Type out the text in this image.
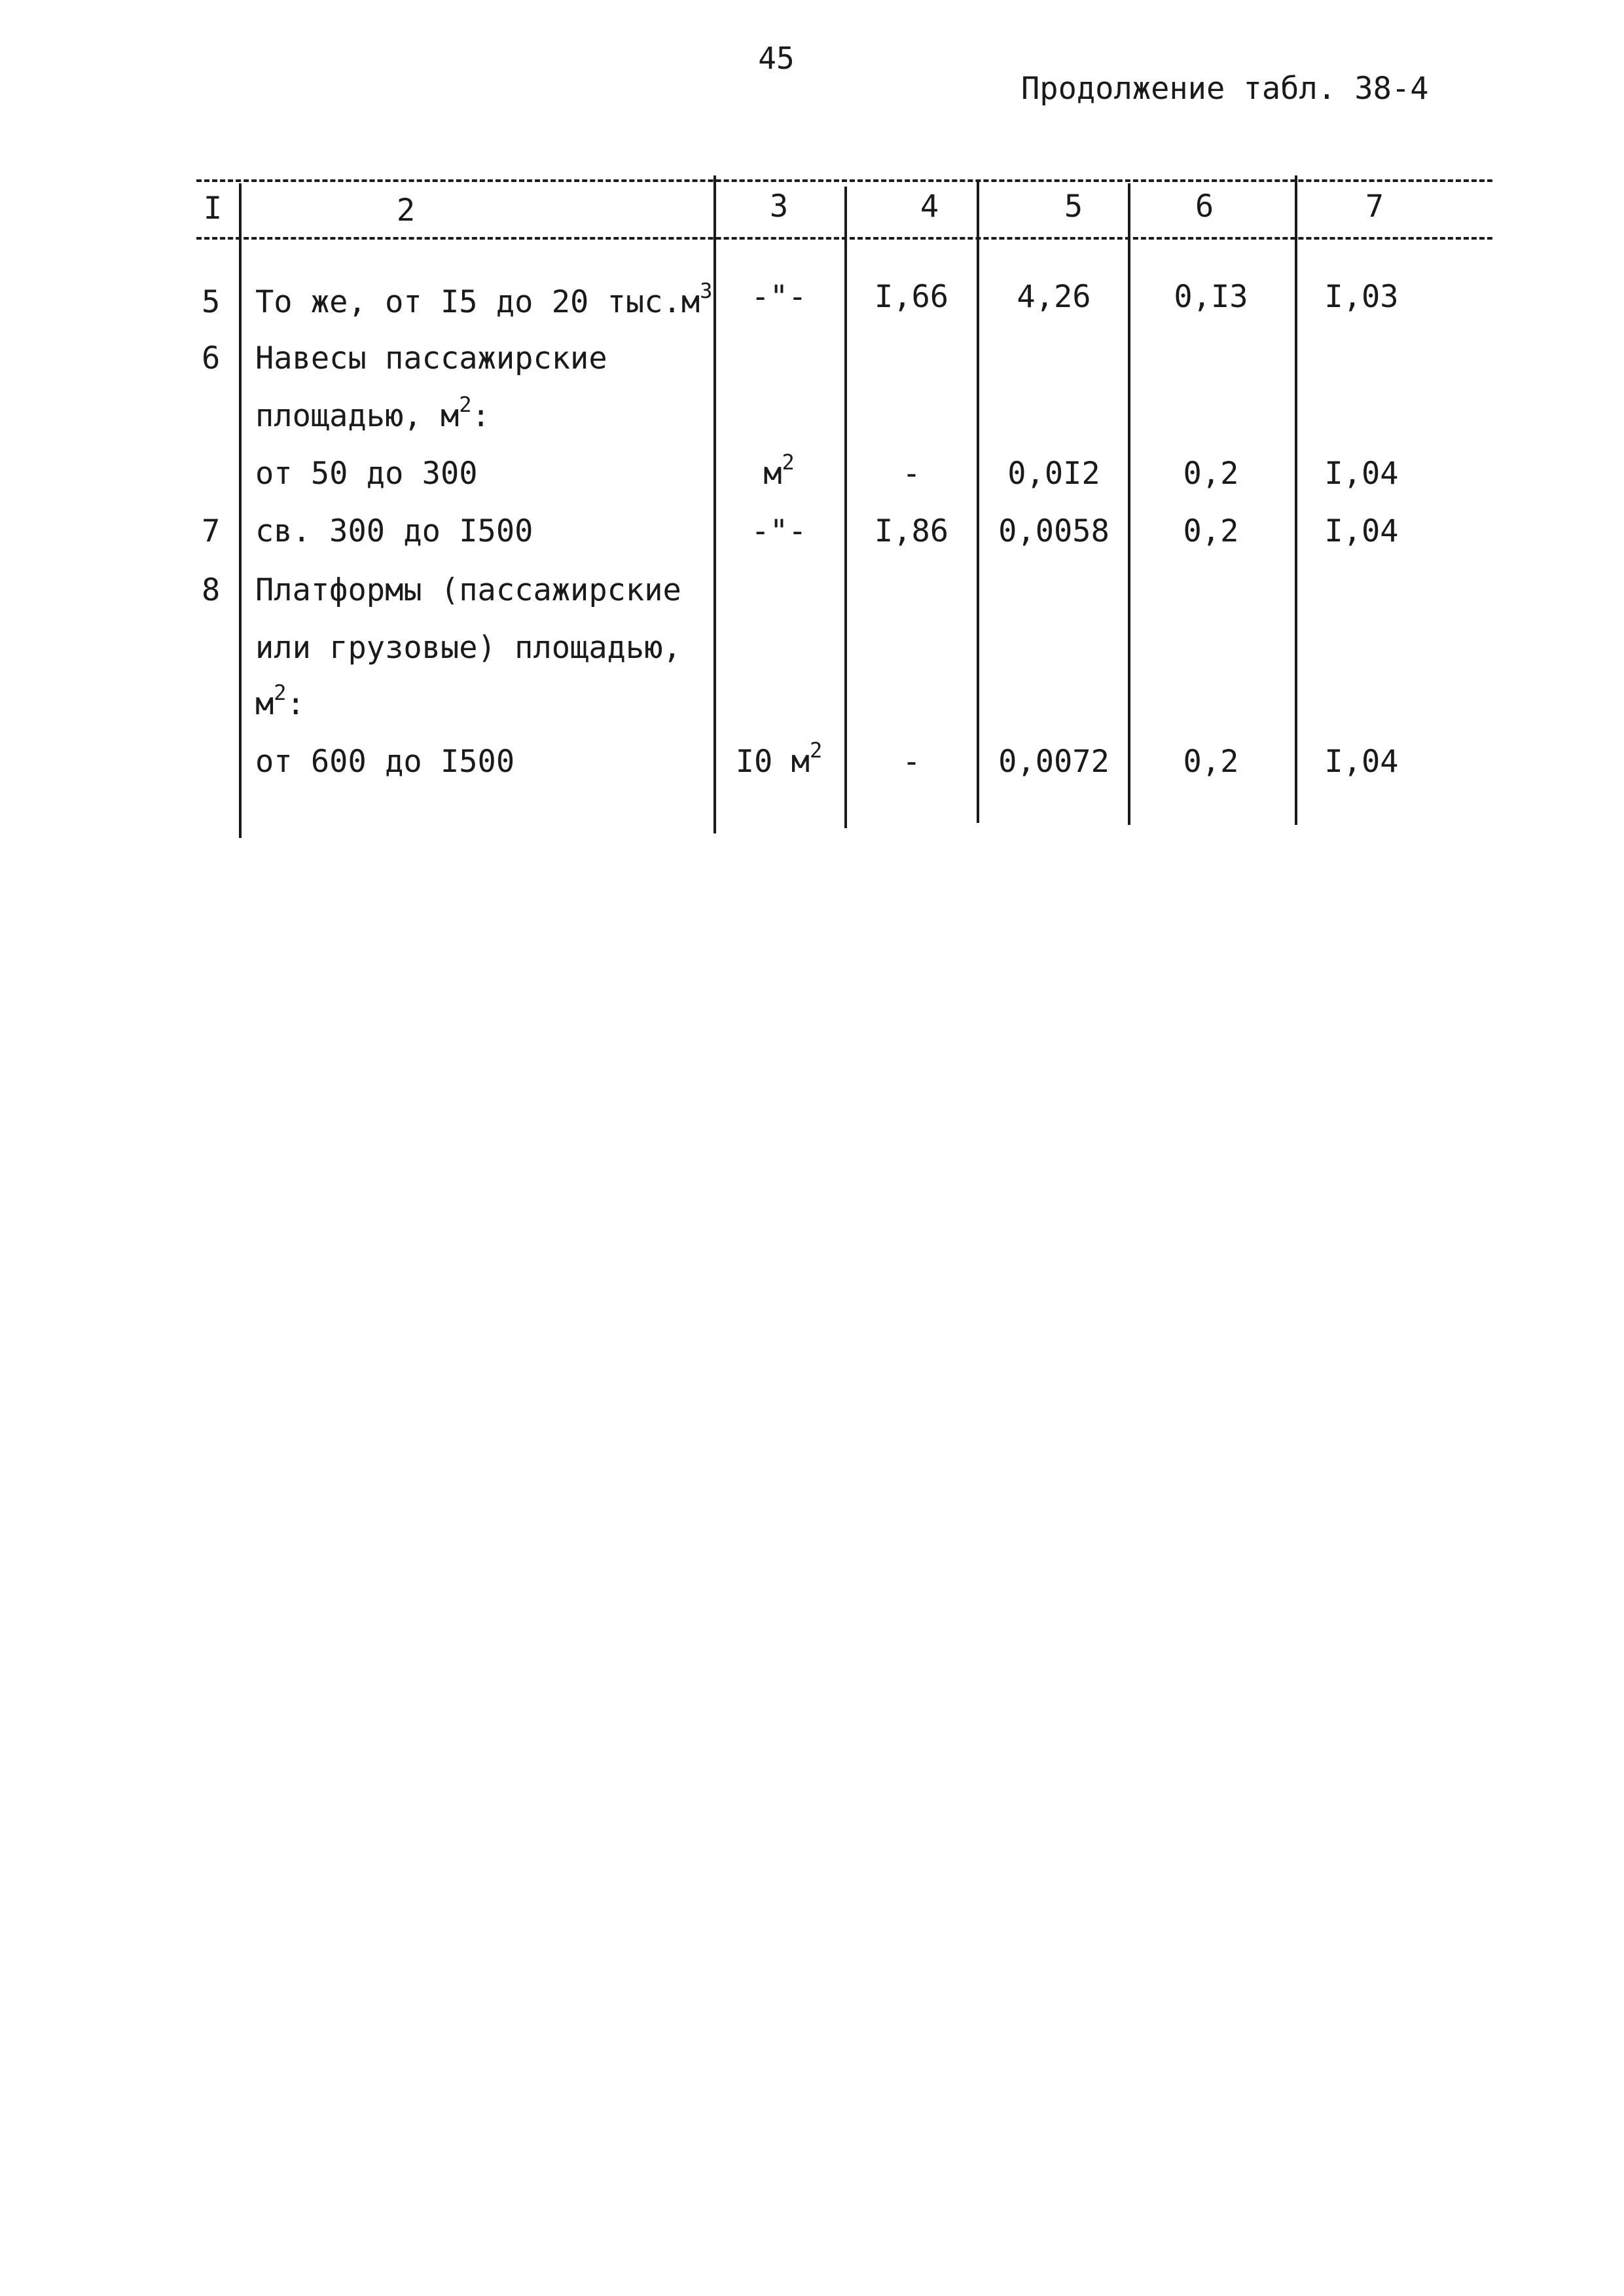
45
Продолжение табл. 38-4
I	2	3	4	5	6	7
5 То же, от I5 до 20 $тыс.м^3$	-"-	I,66	4,26	0,I3	I,03
6 Навесы пассажирские
площадью, $м^2$:
от 50 до 300	$м^2$	-	0,0I2	0,2	I,04
7 св. 300 до I500	-"-	I,86	0,0058	0,2	I,04
8 Платформы (пассажирские
или грузовые) площадью,
$м^2$:
от 600 до I500	I0 $м^2$	-	0,0072	0,2	I,04
